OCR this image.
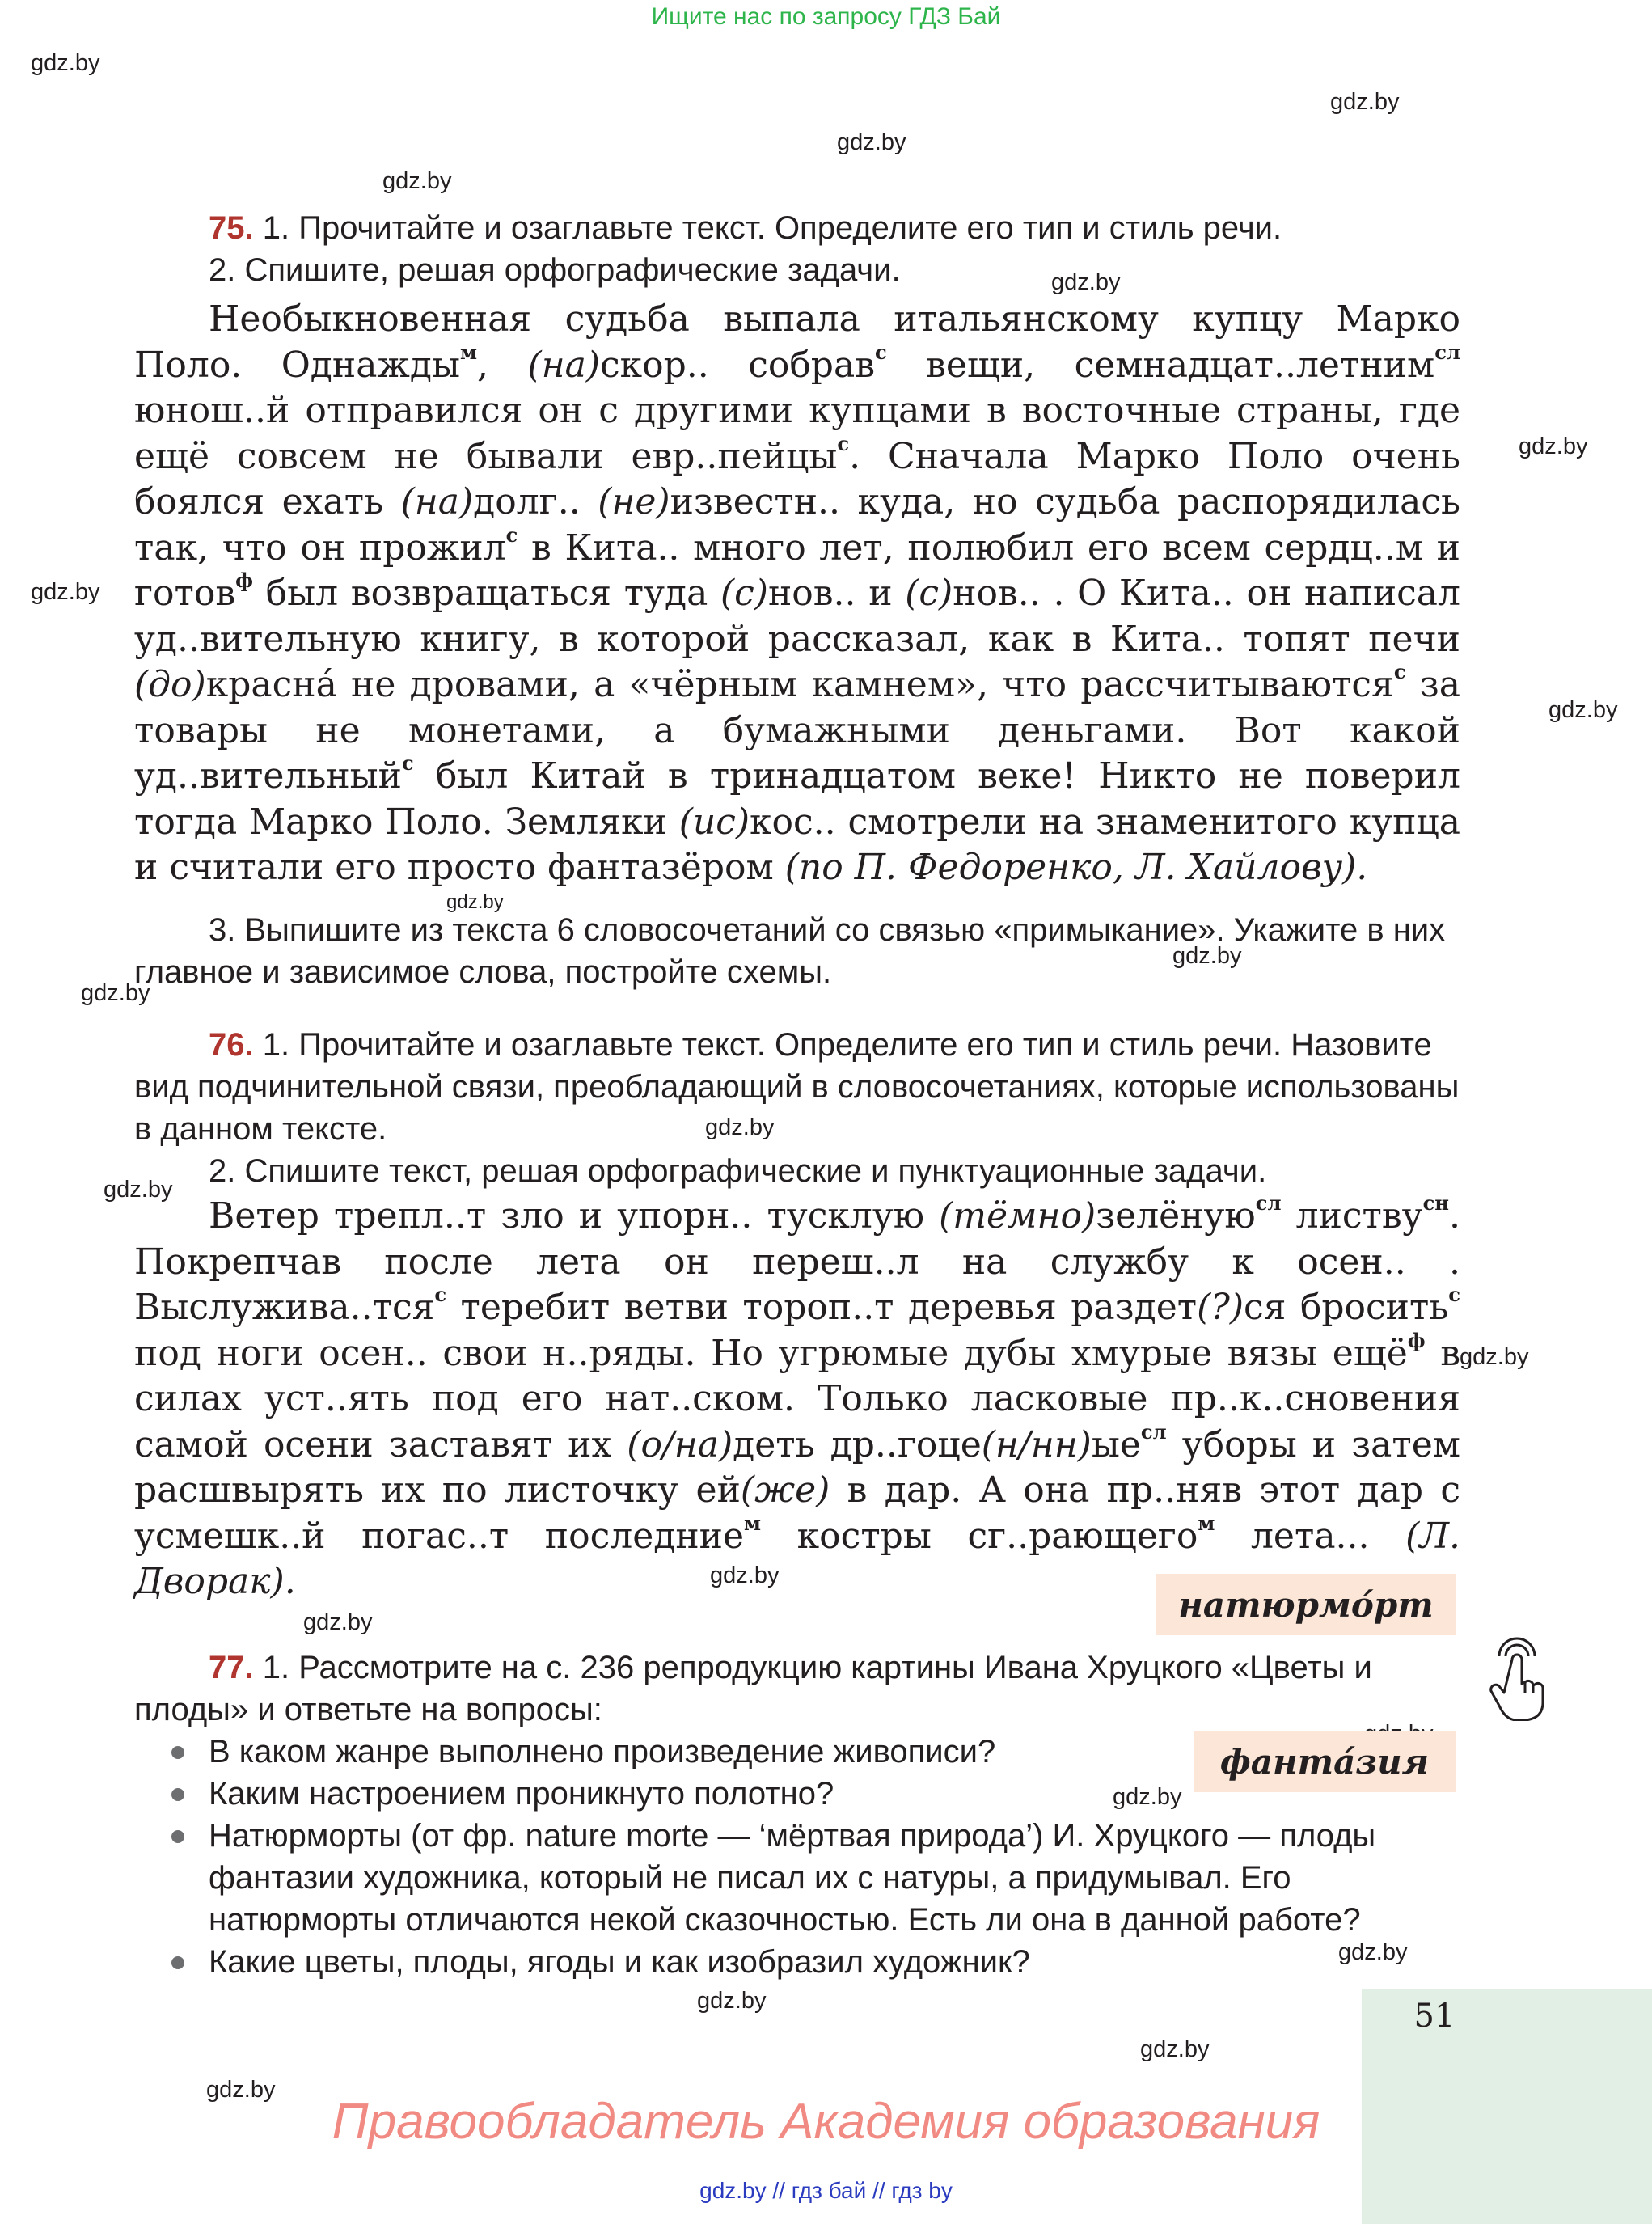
Ищите нас по запросу ГДЗ Бай
gdz.by
gdz.by
gdz.by
gdz.by
gdz.by
gdz.by
gdz.by
gdz.by
gdz.by
gdz.by
gdz.by
gdz.by
gdz.by
gdz.by
gdz.by
gdz.by
gdz.by
gdz.by
gdz.by
gdz.by
gdz.by

75. 1. Прочитайте и озаглавьте текст. Определите его тип и стиль речи.

2. Спишите, решая орфографические задачи.

Необыкновенная судьба выпала итальянскому купцу Марко Поло. Однажды$^м$, (на)скор.. собрав$^с$ вещи, семнадцат..летним$^{сл}$ юнош..й отправился он с другими купцами в восточные страны, где ещё совсем не бывали евр..пейцы$^с$. Сначала Марко Поло очень боялся ехать (на)долг.. (не)известн.. куда, но судьба распорядилась так, что он прожил$^с$ в Кита.. много лет, полюбил его всем сердц..м и готов$^ф$ был возвращаться туда (с)нов.. и (с)нов.. . О Кита.. он написал уд..вительную книгу, в которой рассказал, как в Кита.. топят печи (до)красна́ не дровами, а «чёрным камнем», что рассчитываются$^с$ за товары не монетами, а бумажными деньгами. Вот какой уд..вительный$^с$ был Китай в тринадцатом веке! Никто не поверил тогда Марко Поло. Земляки (ис)кос.. смотрели на знаменитого купца и считали его просто фантазёром (по П. Федоренко, Л. Хайлову).

3. Выпишите из текста 6 словосочетаний со связью «примыкание». Укажите в них главное и зависимое слова, постройте схемы.

76. 1. Прочитайте и озаглавьте текст. Определите его тип и стиль речи. Назовите вид подчинительной связи, преобладающий в словосочетаниях, которые использованы в данном тексте.

2. Спишите текст, решая орфографические и пунктуационные задачи.

Ветер трепл..т зло и упорн.. тусклую (тёмно)зелёную$^{сл}$ листву$^{сн}$. Покрепчав после лета он переш..л на службу к осен.. . Выслужива..тся$^с$ теребит ветви тороп..т деревья раздет(?)ся бросить$^с$ под ноги осен.. свои н..ряды. Но угрюмые дубы хмурые вязы ещё$^ф$ в силах уст..ять под его нат..ском. Только ласковые пр..к..сновения самой осени заставят их (о/на)деть $др..гоце(н/нн)ые^{сл}$ уборы и затем расшвырять их по листочку ей(же) в дар. А она пр..няв этот дар с усмешк..й погас..т последние$^м$ костры сг..рающего$^м$ лета... (Л. Дворак).

натюрмо́рт
фанта́зия

77. 1. Рассмотрите на с. 236 репродукцию картины Ивана Хруцкого «Цветы и плоды» и ответьте на вопросы:

В каком жанре выполнено произведение живописи?
Каким настроением проникнуто полотно?
Натюрморты (от фр. nature morte — ‘мёртвая природа’) И. Хруцкого — плоды фантазии художника, который не писал их с натуры, а придумывал. Его натюрморты отличаются некой сказочностью. Есть ли она в данной работе?
Какие цветы, плоды, ягоды и как изобразил художник?
51
Правообладатель Академия образования
gdz.by // гдз бай // гдз by
